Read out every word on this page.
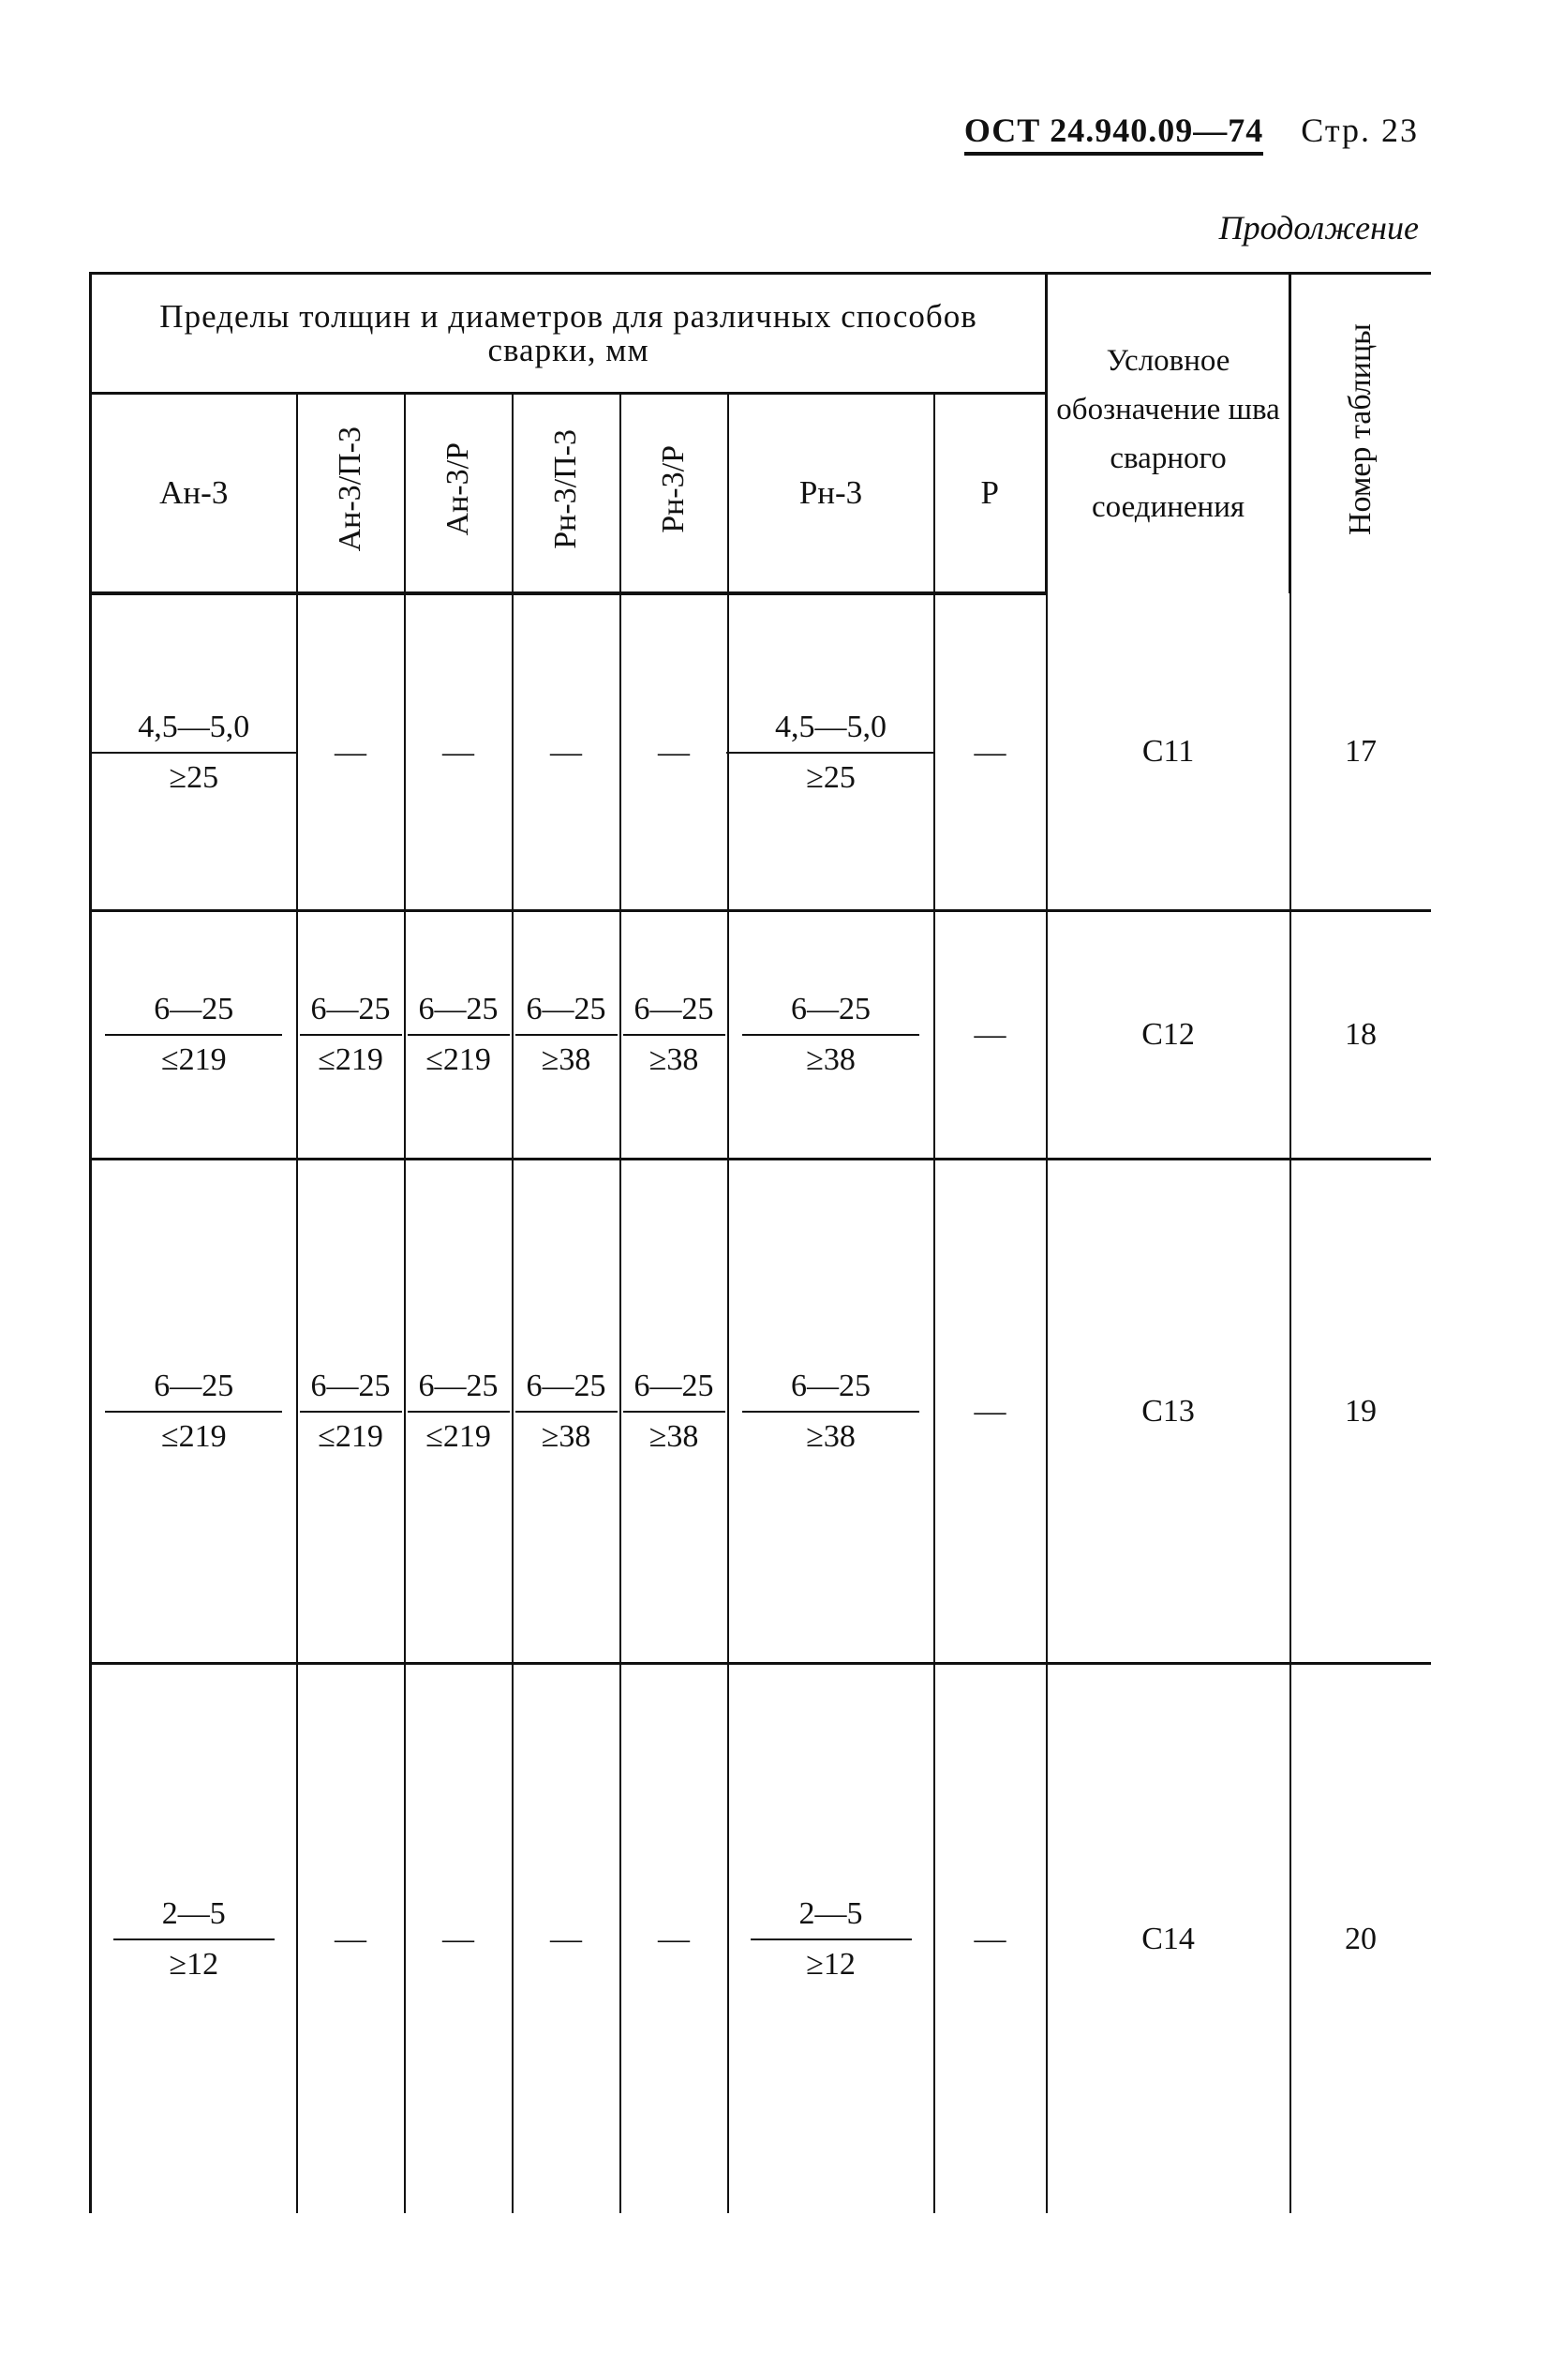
ОСТ 24.940.09—74 Стр. 23
Продолжение
Пределы толщин и диаметров для различных способов сварки, мм							Условное обозначение шва сварного соединения	Номер таблицы
Ан-3	Ан-3/П-3	Ан-3/Р	Рн-3/П-3	Рн-3/Р	Рн-3	Р		

$\frac{4,5—5,0}{\ge 25}$	—	—	—	—	$\frac{4,5—5,0}{\ge 25}$	—	С11	17

$\frac{6—25}{\le 219}$	$\frac{6—25}{\le 219}$	$\frac{6—25}{\le 219}$	$\frac{6—25}{\ge 38}$	$\frac{6—25}{\ge 38}$	$\frac{6—25}{\ge 38}$	—	С12	18

$\frac{6—25}{\le 219}$	$\frac{6—25}{\le 219}$	$\frac{6—25}{\le 219}$	$\frac{6—25}{\ge 38}$	$\frac{6—25}{\ge 38}$	$\frac{6—25}{\ge 38}$	—	С13	19

$\frac{2—5}{\ge 12}$	—	—	—	—	$\frac{2—5}{\ge 12}$	—	С14	20
